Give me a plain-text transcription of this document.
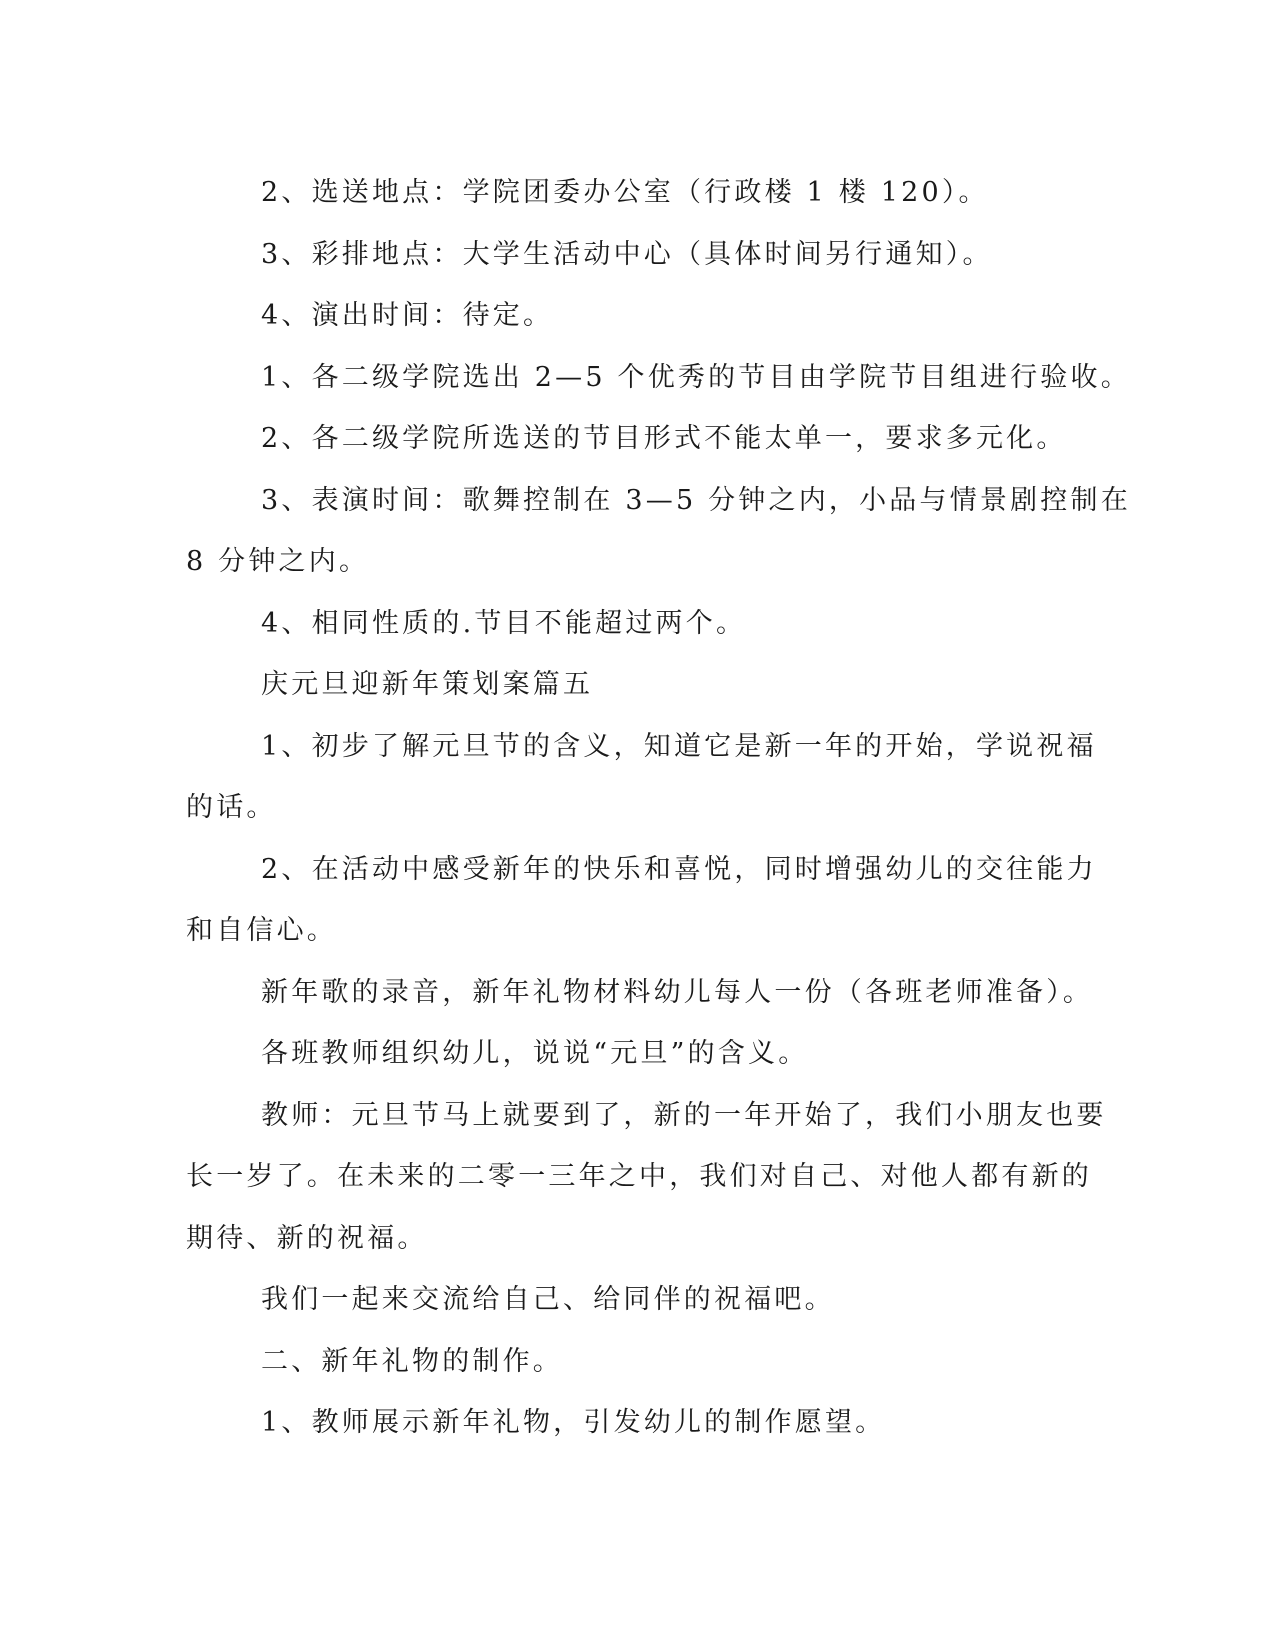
2、选送地点：学院团委办公室（行政楼 1 楼 120）。

3、彩排地点：大学生活动中心（具体时间另行通知）。

4、演出时间：待定。

1、各二级学院选出 2—5 个优秀的节目由学院节目组进行验收。

2、各二级学院所选送的节目形式不能太单一，要求多元化。

3、表演时间：歌舞控制在 3—5 分钟之内，小品与情景剧控制在

8 分钟之内。

4、相同性质的.节目不能超过两个。

庆元旦迎新年策划案篇五

1、初步了解元旦节的含义，知道它是新一年的开始，学说祝福

的话。

2、在活动中感受新年的快乐和喜悦，同时增强幼儿的交往能力

和自信心。

新年歌的录音，新年礼物材料幼儿每人一份（各班老师准备）。

各班教师组织幼儿，说说“元旦”的含义。

教师：元旦节马上就要到了，新的一年开始了，我们小朋友也要

长一岁了。在未来的二零一三年之中，我们对自己、对他人都有新的

期待、新的祝福。

我们一起来交流给自己、给同伴的祝福吧。

二、新年礼物的制作。

1、教师展示新年礼物，引发幼儿的制作愿望。
